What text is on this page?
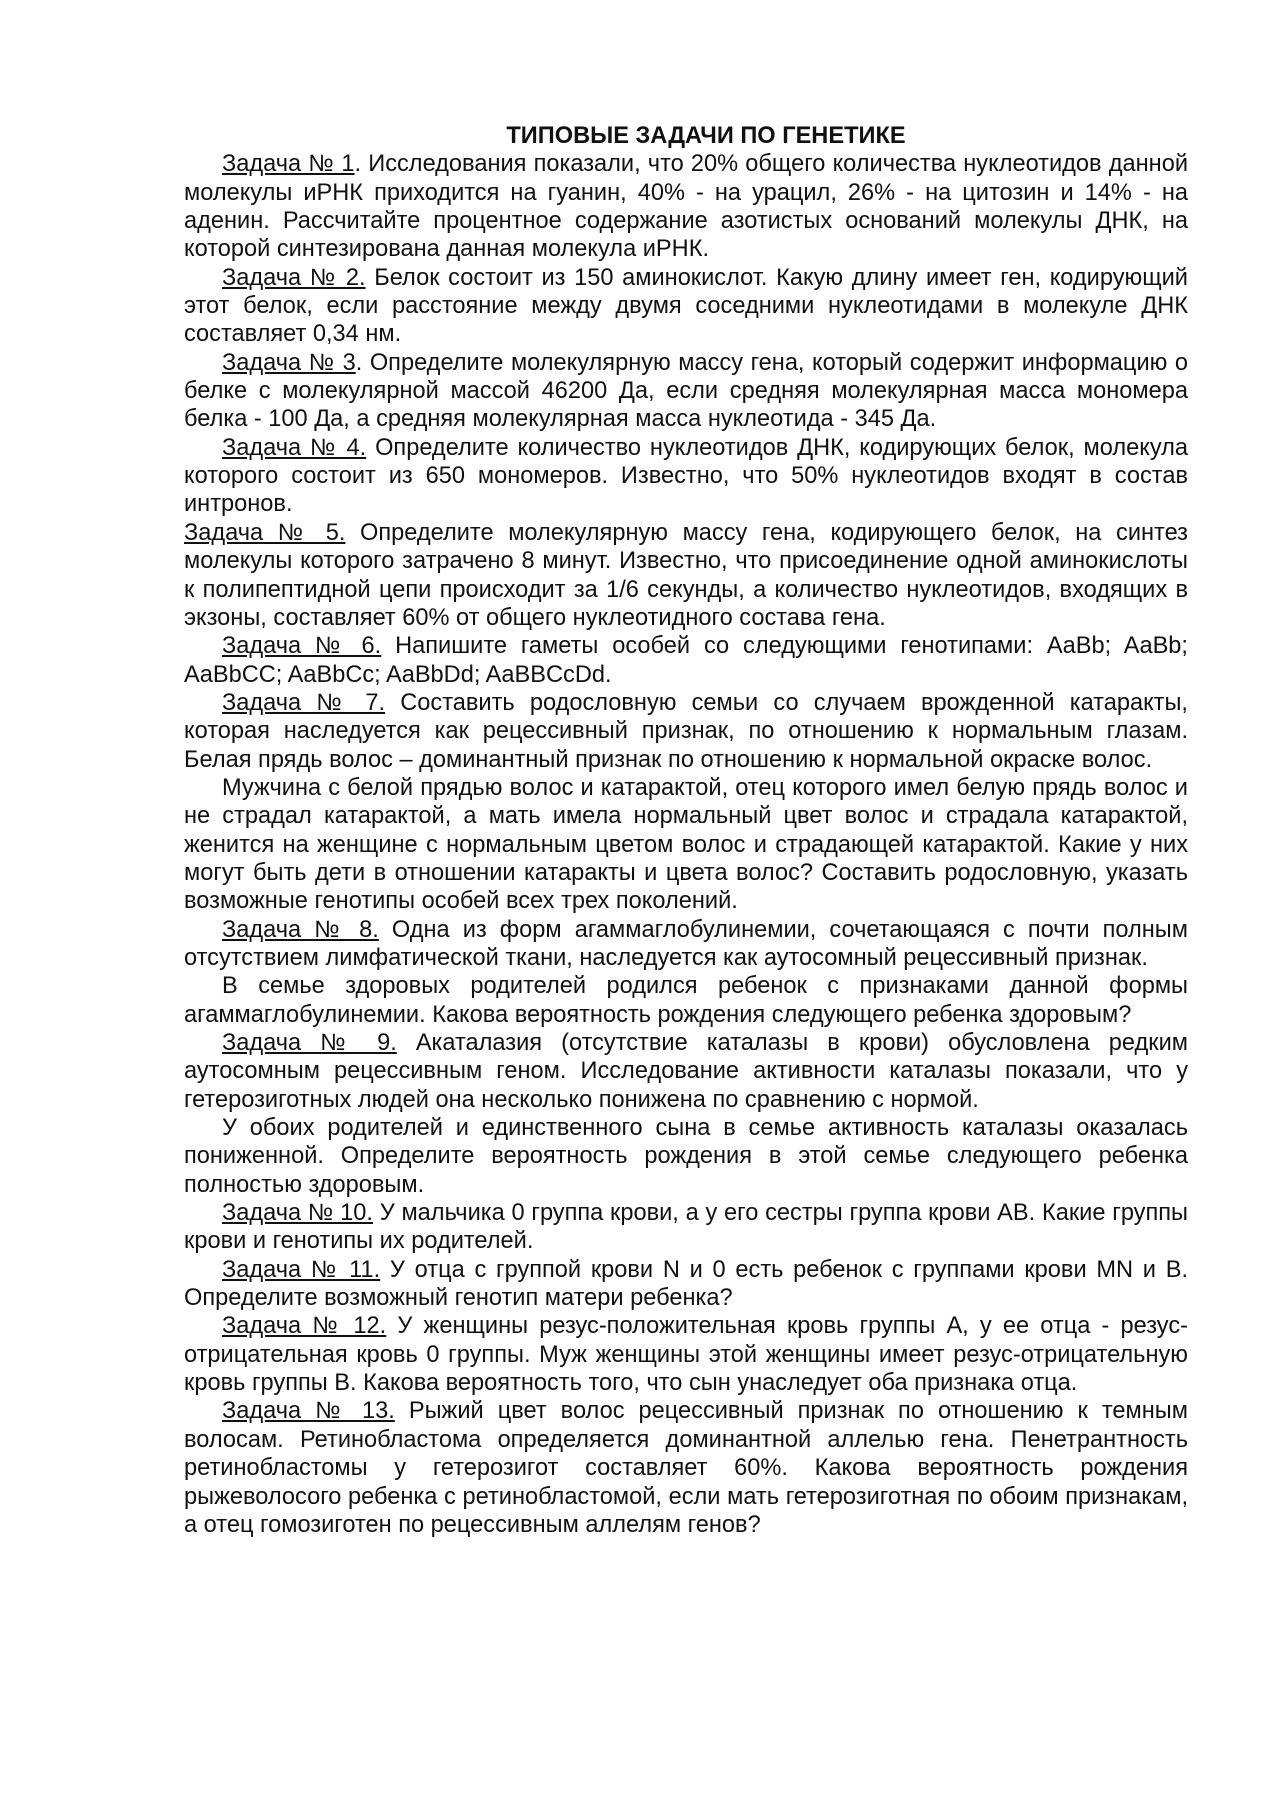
ТИПОВЫЕ ЗАДАЧИ ПО ГЕНЕТИКЕ

Задача № 1. Исследования показали, что 20% общего количества нуклеотидов данной молекулы иРНК приходится на гуанин, 40% - на урацил, 26% - на цитозин и 14% - на аденин. Рассчитайте процентное содержание азотистых оснований молекулы ДНК, на которой синтезирована данная молекула иРНК.

Задача № 2. Белок состоит из 150 аминокислот. Какую длину имеет ген, кодирующий этот белок, если расстояние между двумя соседними нуклеотидами в молекуле ДНК составляет 0,34 нм.

Задача № 3. Определите молекулярную массу гена, который содержит информацию о белке с молекулярной массой 46200 Да, если средняя молекулярная масса мономера белка - 100 Да, а средняя молекулярная масса нуклеотида - 345 Да.

Задача № 4. Определите количество нуклеотидов ДНК, кодирующих белок, молекула которого состоит из 650 мономеров. Известно, что 50% нуклеотидов входят в состав интронов.

Задача № 5. Определите молекулярную массу гена, кодирующего белок, на синтез молекулы которого затрачено 8 минут. Известно, что присоединение одной аминокислоты к полипептидной цепи происходит за 1/6 секунды, а количество нуклеотидов, входящих в экзоны, составляет 60% от общего нуклеотидного состава гена.

Задача № 6. Напишите гаметы особей со следующими генотипами: AaBb; AaBb; AaBbCC; AaBbCc; AaBbDd; AaBBCcDd.

Задача № 7. Составить родословную семьи со случаем врожденной катаракты, которая наследуется как рецессивный признак, по отношению к нормальным глазам. Белая прядь волос – доминантный признак по отношению к нормальной окраске волос.

Мужчина с белой прядью волос и катарактой, отец которого имел белую прядь волос и не страдал катарактой, а мать имела нормальный цвет волос и страдала катарактой, женится на женщине с нормальным цветом волос и страдающей катарактой. Какие у них могут быть дети в отношении катаракты и цвета волос? Составить родословную, указать возможные генотипы особей всех трех поколений.

Задача № 8. Одна из форм агаммаглобулинемии, сочетающаяся с почти полным отсутствием лимфатической ткани, наследуется как аутосомный рецессивный признак.

В семье здоровых родителей родился ребенок с признаками данной формы агаммаглобулинемии. Какова вероятность рождения следующего ребенка здоровым?

Задача № 9. Акаталазия (отсутствие каталазы в крови) обусловлена редким аутосомным рецессивным геном. Исследование активности каталазы показали, что у гетерозиготных людей она несколько понижена по сравнению с нормой.

У обоих родителей и единственного сына в семье активность каталазы оказалась пониженной. Определите вероятность рождения в этой семье следующего ребенка полностью здоровым.

Задача № 10. У мальчика 0 группа крови, а у его сестры группа крови АВ. Какие группы крови и генотипы их родителей.

Задача № 11. У отца с группой крови N и 0 есть ребенок с группами крови MN и В. Определите возможный генотип матери ребенка?

Задача № 12. У женщины резус-положительная кровь группы А, у ее отца - резус-отрицательная кровь 0 группы. Муж женщины этой женщины имеет резус-отрицательную кровь группы В. Какова вероятность того, что сын унаследует оба признака отца.

Задача № 13. Рыжий цвет волос рецессивный признак по отношению к темным волосам. Ретинобластома определяется доминантной аллелью гена. Пенетрантность ретинобластомы у гетерозигот составляет 60%. Какова вероятность рождения рыжеволосого ребенка с ретинобластомой, если мать гетерозиготная по обоим признакам, а отец гомозиготен по рецессивным аллелям генов?
